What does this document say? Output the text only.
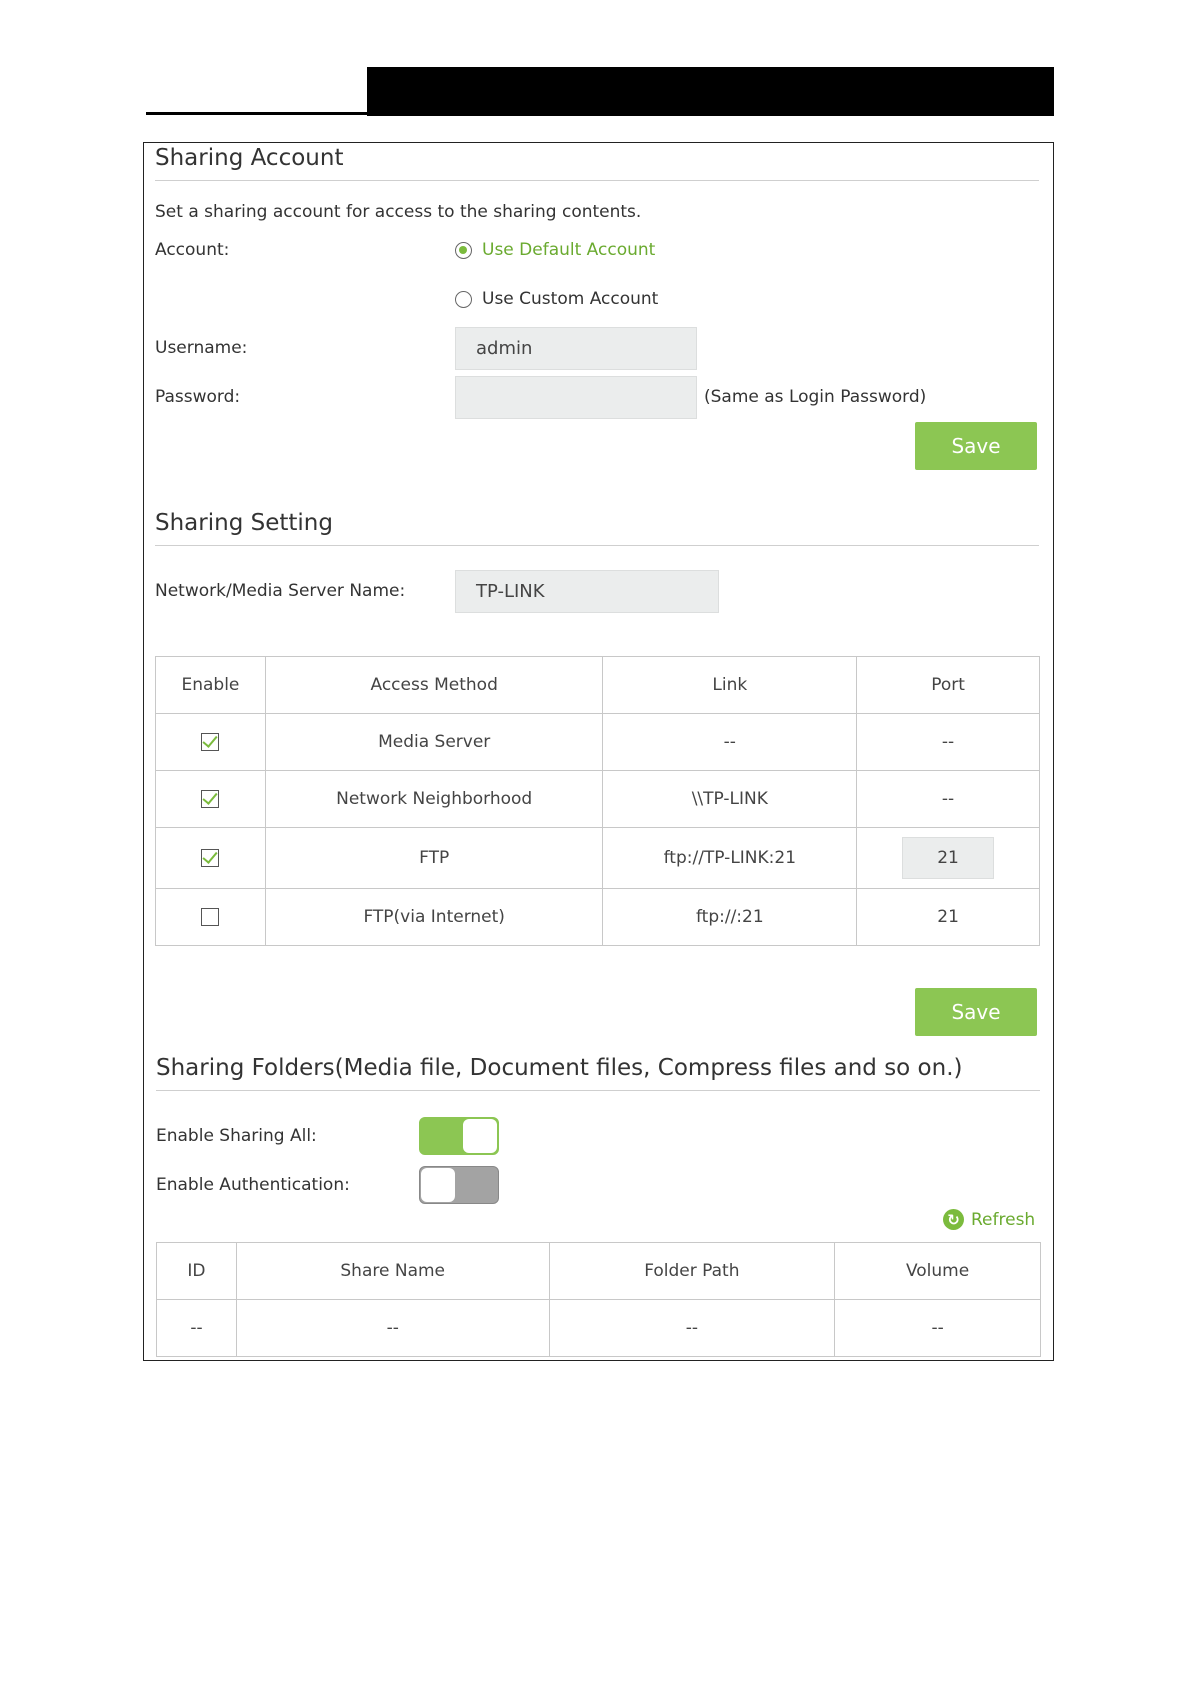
Sharing Account
Set a sharing account for access to the sharing contents.
Account:	Use Default Account
Use Custom Account
Username:	admin
Password:	(Same as Login Password)
Save
Sharing Setting
Network/Media Server Name:	TP-LINK
Enable	Access Method	Link	Port
	Media Server	--	--
	Network Neighborhood	\\TP-LINK	--
	FTP	ftp://TP-LINK:21	21
	FTP(via Internet)	ftp://:21	21
Save
Sharing Folders(Media file, Document files, Compress files and so on.)
Enable Sharing All:
Enable Authentication:
↻ Refresh
ID	Share Name	Folder Path	Volume
--	--	--	--
